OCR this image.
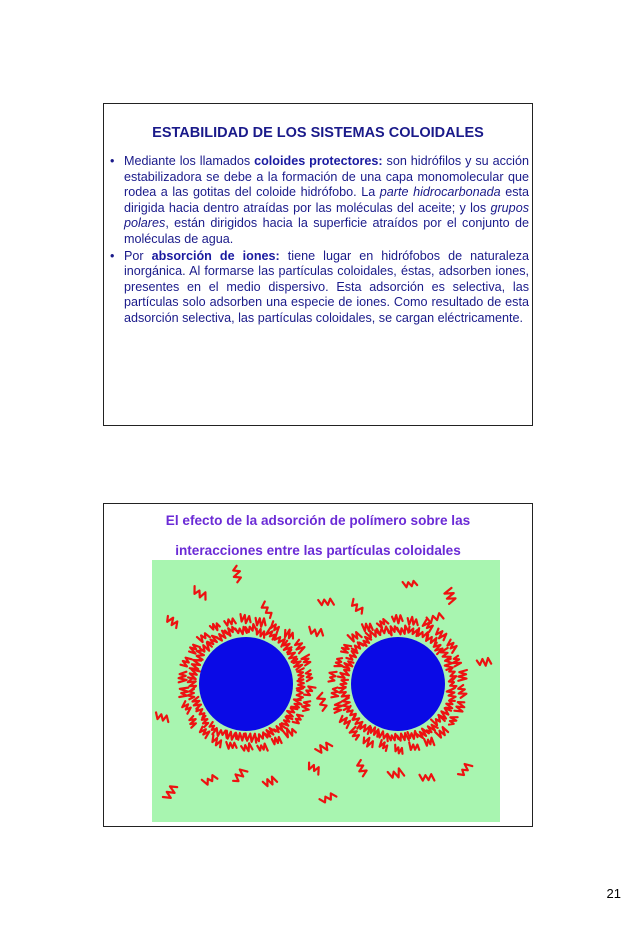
ESTABILIDAD DE LOS SISTEMAS COLOIDALES
• Mediante los llamados coloides protectores: son hidrófilos y su acción estabilizadora se debe a la formación de una capa monomolecular que rodea a las gotitas del coloide hidrófobo. La parte hidrocarbonada esta dirigida hacia dentro atraídas por las moléculas del aceite; y los grupos polares, están dirigidos hacia la superficie atraídos por el conjunto de moléculas de agua.
• Por absorción de iones: tiene lugar en hidrófobos de naturaleza inorgánica. Al formarse las partículas coloidales, éstas, adsorben iones, presentes en el medio dispersivo. Esta adsorción es selectiva, las partículas solo adsorben una especie de iones. Como resultado de esta adsorción selectiva, las partículas coloidales, se cargan eléctricamente.
El efecto de la adsorción de polímero sobre las
interacciones entre las partículas coloidales
21
